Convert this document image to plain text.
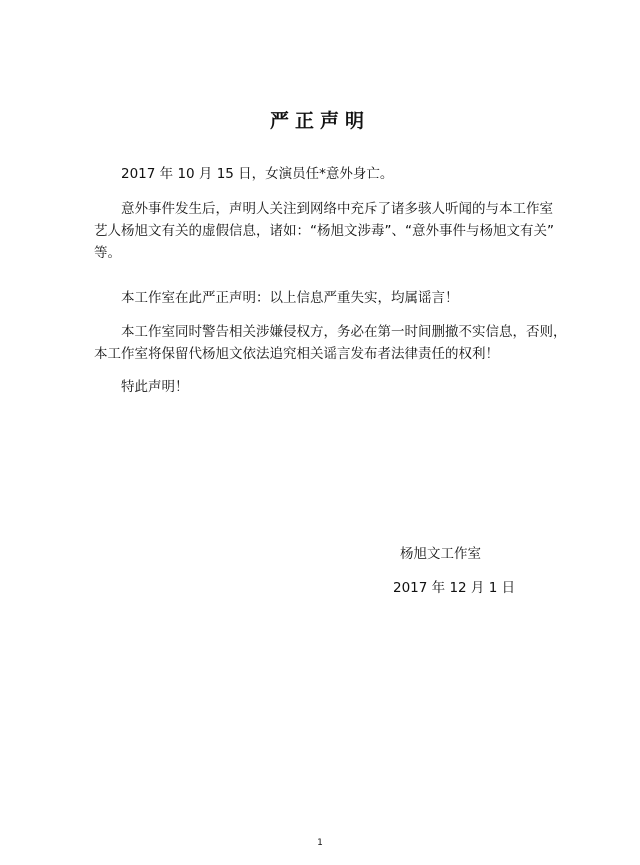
严正声明
2017 年 10 月 15 日，女演员任*意外身亡。
意外事件发生后，声明人关注到网络中充斥了诸多骇人听闻的与本工作室
艺人杨旭文有关的虚假信息，诸如：“杨旭文涉毒”、“意外事件与杨旭文有关”
等。
本工作室在此严正声明：以上信息严重失实，均属谣言！
本工作室同时警告相关涉嫌侵权方，务必在第一时间删撤不实信息，否则，
本工作室将保留代杨旭文依法追究相关谣言发布者法律责任的权利！
特此声明！
杨旭文工作室
2017 年 12 月 1 日
1
